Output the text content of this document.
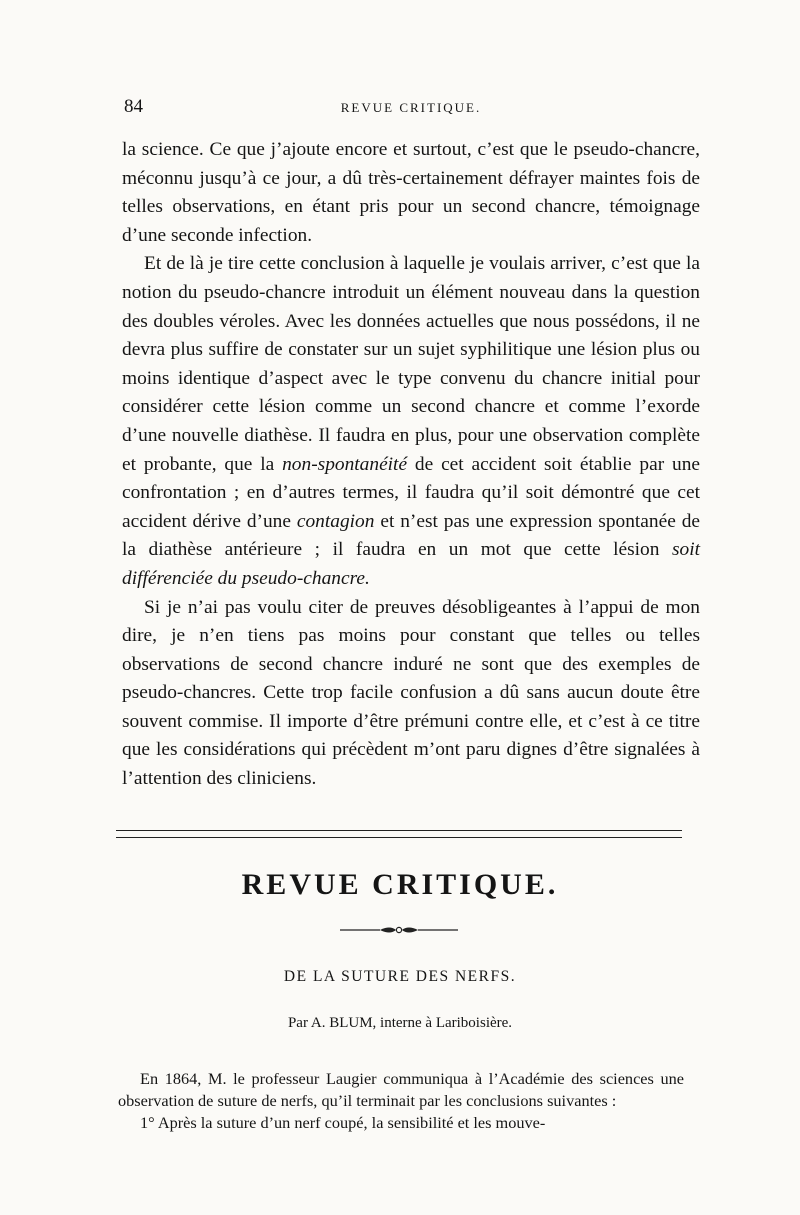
84	REVUE CRITIQUE.

la science. Ce que j’ajoute encore et surtout, c’est que le pseudo-chancre, méconnu jusqu’à ce jour, a dû très-certainement défrayer maintes fois de telles observations, en étant pris pour un second chancre, témoignage d’une seconde infection.

Et de là je tire cette conclusion à laquelle je voulais arriver, c’est que la notion du pseudo-chancre introduit un élément nouveau dans la question des doubles véroles. Avec les données actuelles que nous possédons, il ne devra plus suffire de constater sur un sujet syphilitique une lésion plus ou moins identique d’aspect avec le type convenu du chancre initial pour considérer cette lésion comme un second chancre et comme l’exorde d’une nouvelle diathèse. Il faudra en plus, pour une observation complète et probante, que la non-spontanéité de cet accident soit établie par une confrontation ; en d’autres termes, il faudra qu’il soit démontré que cet accident dérive d’une contagion et n’est pas une expression spontanée de la diathèse antérieure ; il faudra en un mot que cette lésion soit différenciée du pseudo-chancre.

Si je n’ai pas voulu citer de preuves désobligeantes à l’appui de mon dire, je n’en tiens pas moins pour constant que telles ou telles observations de second chancre induré ne sont que des exemples de pseudo-chancres. Cette trop facile confusion a dû sans aucun doute être souvent commise. Il importe d’être prémuni contre elle, et c’est à ce titre que les considérations qui précèdent m’ont paru dignes d’être signalées à l’attention des cliniciens.

REVUE CRITIQUE.
DE LA SUTURE DES NERFS.
Par A. BLUM, interne à Lariboisière.

En 1864, M. le professeur Laugier communiqua à l’Académie des sciences une observation de suture de nerfs, qu’il terminait par les conclusions suivantes :

1° Après la suture d’un nerf coupé, la sensibilité et les mouve-
